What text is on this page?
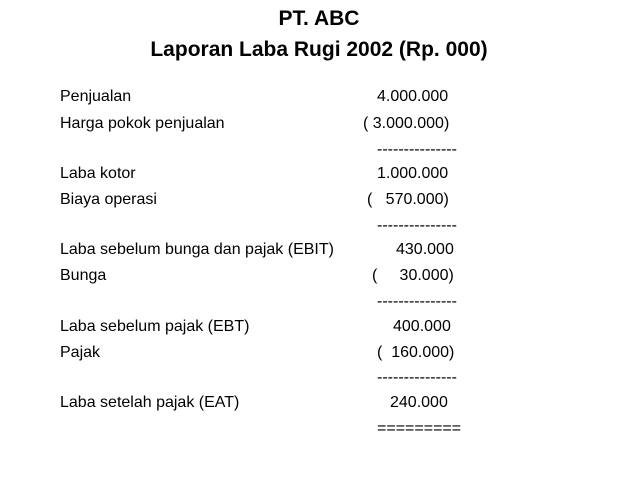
PT. ABC
Laporan Laba Rugi 2002 (Rp. 000)
Penjualan	4.000.000
Harga pokok penjualan	( 3.000.000)
---------------
Laba kotor	1.000.000
Biaya operasi	(   570.000)
---------------
Laba sebelum bunga dan pajak (EBIT)	430.000
Bunga	(     30.000)
---------------
Laba sebelum pajak (EBT)	400.000
Pajak	(  160.000)
---------------
Laba setelah pajak (EAT)	240.000
=========
